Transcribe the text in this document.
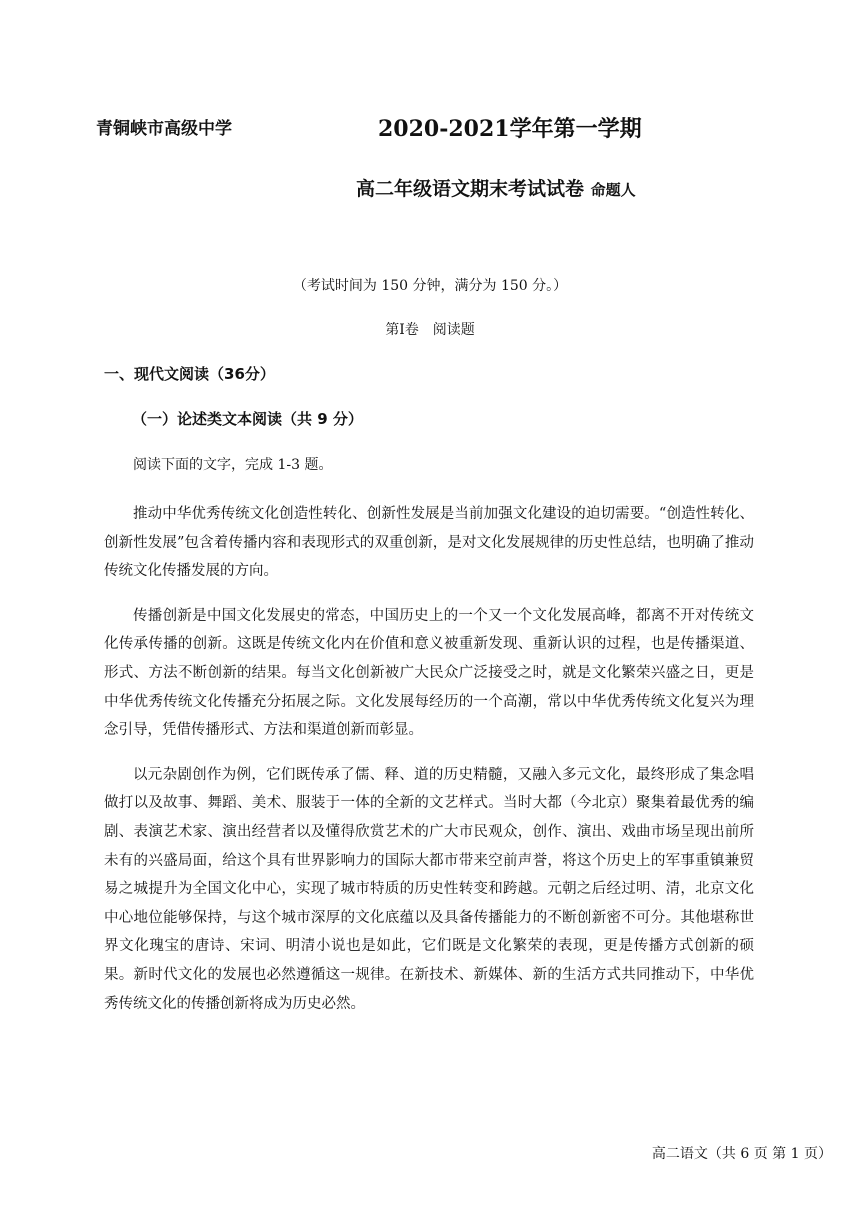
青铜峡市高级中学	2020-2021学年第一学期
高二年级语文期末考试试卷 命题人
（考试时间为 150 分钟，满分为 150 分。）
第Ⅰ卷　阅读题
一、现代文阅读（36分）
（一）论述类文本阅读（共 9 分）
阅读下面的文字，完成 1-3 题。

推动中华优秀传统文化创造性转化、创新性发展是当前加强文化建设的迫切需要。“创造性转化、创新性发展”包含着传播内容和表现形式的双重创新，是对文化发展规律的历史性总结，也明确了推动传统文化传播发展的方向。

传播创新是中国文化发展史的常态，中国历史上的一个又一个文化发展高峰，都离不开对传统文化传承传播的创新。这既是传统文化内在价值和意义被重新发现、重新认识的过程，也是传播渠道、形式、方法不断创新的结果。每当文化创新被广大民众广泛接受之时，就是文化繁荣兴盛之日，更是中华优秀传统文化传播充分拓展之际。文化发展每经历的一个高潮，常以中华优秀传统文化复兴为理念引导，凭借传播形式、方法和渠道创新而彰显。

以元杂剧创作为例，它们既传承了儒、释、道的历史精髓，又融入多元文化，最终形成了集念唱做打以及故事、舞蹈、美术、服装于一体的全新的文艺样式。当时大都（今北京）聚集着最优秀的编剧、表演艺术家、演出经营者以及懂得欣赏艺术的广大市民观众，创作、演出、戏曲市场呈现出前所未有的兴盛局面，给这个具有世界影响力的国际大都市带来空前声誉，将这个历史上的军事重镇兼贸易之城提升为全国文化中心，实现了城市特质的历史性转变和跨越。元朝之后经过明、清，北京文化中心地位能够保持，与这个城市深厚的文化底蕴以及具备传播能力的不断创新密不可分。其他堪称世界文化瑰宝的唐诗、宋词、明清小说也是如此，它们既是文化繁荣的表现，更是传播方式创新的硕果。新时代文化的发展也必然遵循这一规律。在新技术、新媒体、新的生活方式共同推动下，中华优秀传统文化的传播创新将成为历史必然。

高二语文（共 6 页 第 1 页）
